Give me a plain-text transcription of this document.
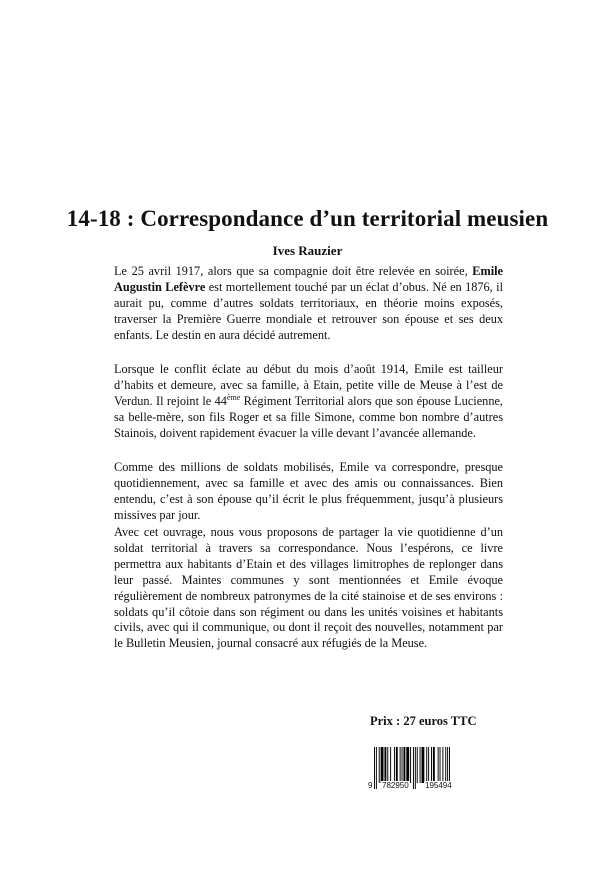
14-18 : Correspondance d’un territorial meusien
Ives Rauzier

Le 25 avril 1917, alors que sa compagnie doit être relevée en soirée, Emile Augustin Lefèvre est mortellement touché par un éclat d’obus. Né en 1876, il aurait pu, comme d’autres soldats territoriaux, en théorie moins exposés, traverser la Première Guerre mondiale et retrouver son épouse et ses deux enfants. Le destin en aura décidé autrement.

Lorsque le conflit éclate au début du mois d’août 1914, Emile est tailleur d’habits et demeure, avec sa famille, à Etain, petite ville de Meuse à l’est de Verdun. Il rejoint le 44ème Régiment Territorial alors que son épouse Lucienne, sa belle-mère, son fils Roger et sa fille Simone, comme bon nombre d’autres Stainois, doivent rapidement évacuer la ville devant l’avancée allemande.

Comme des millions de soldats mobilisés, Emile va correspondre, presque quotidiennement, avec sa famille et avec des amis ou connaissances. Bien entendu, c’est à son épouse qu’il écrit le plus fréquemment, jusqu’à plusieurs missives par jour.

Avec cet ouvrage, nous vous proposons de partager la vie quotidienne d’un soldat territorial à travers sa correspondance. Nous l’espérons, ce livre permettra aux habitants d’Etain et des villages limitrophes de replonger dans leur passé. Maintes communes y sont mentionnées et Emile évoque régulièrement de nombreux patronymes de la cité stainoise et de ses environs : soldats qu’il côtoie dans son régiment ou dans les unités voisines et habitants civils, avec qui il communique, ou dont il reçoit des nouvelles, notamment par le Bulletin Meusien, journal consacré aux réfugiés de la Meuse.

Prix : 27 euros TTC
9 782950 195494
